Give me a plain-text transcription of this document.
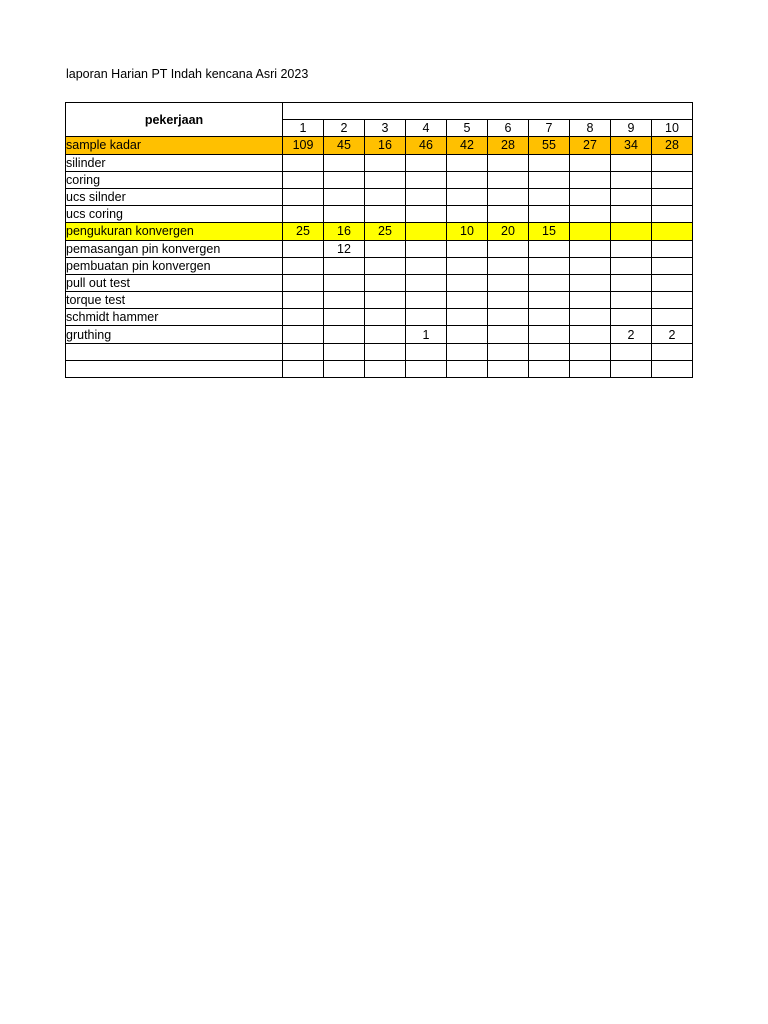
laporan Harian PT Indah kencana Asri 2023
pekerjaan										
	1	2	3	4	5	6	7	8	9	10
sample kadar	109	45	16	46	42	28	55	27	34	28
silinder										
coring										
ucs silnder										
ucs coring										
pengukuran konvergen	25	16	25		10	20	15			
pemasangan pin konvergen		12								
pembuatan pin konvergen										
pull out test										
torque test										
schmidt hammer										
gruthing				1					2	2
